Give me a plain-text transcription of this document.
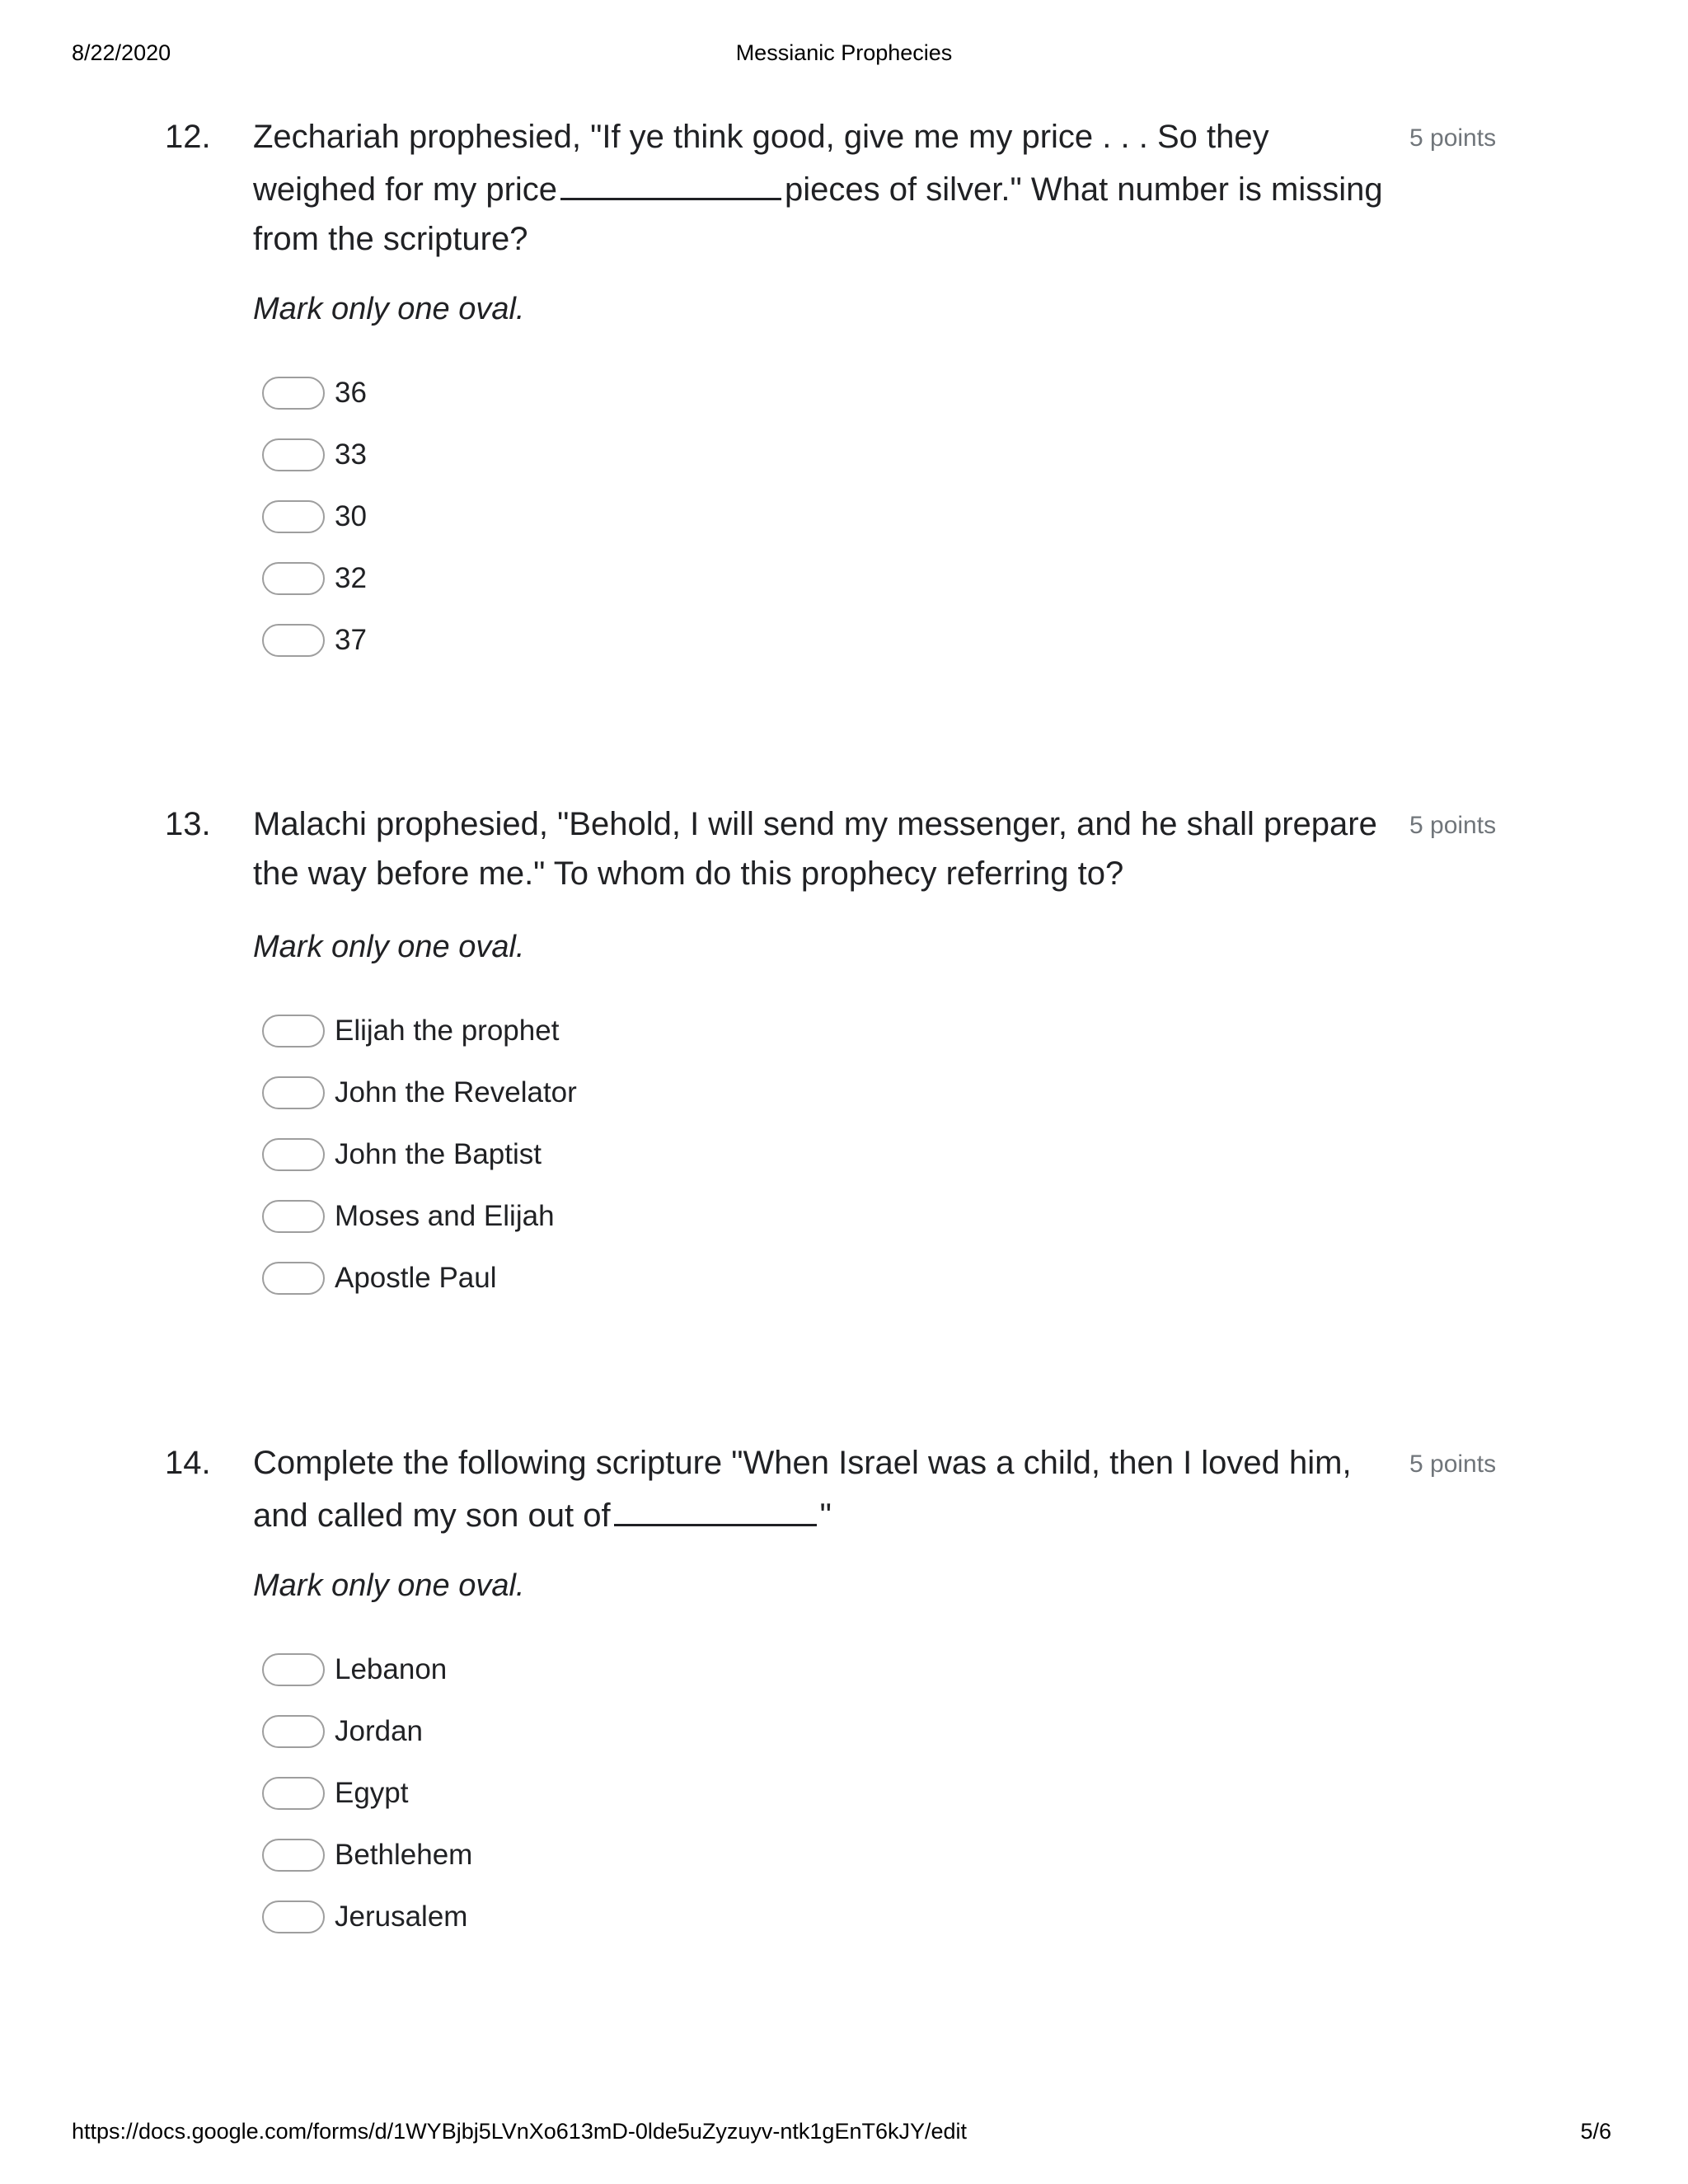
8/22/2020	Messianic Prophecies
12. Zechariah prophesied, "If ye think good, give me my price . . . So they weighed for my price	pieces of silver." What number is missing from the scripture?
5 points
Mark only one oval.
36
33
30
32
37
13. Malachi prophesied, "Behold, I will send my messenger, and he shall prepare the way before me." To whom do this prophecy referring to?
5 points
Mark only one oval.
Elijah the prophet
John the Revelator
John the Baptist
Moses and Elijah
Apostle Paul
14. Complete the following scripture "When Israel was a child, then I loved him, and called my son out of	"
5 points
Mark only one oval.
Lebanon
Jordan
Egypt
Bethlehem
Jerusalem
https://docs.google.com/forms/d/1WYBjbj5LVnXo613mD-0lde5uZyzuyv-ntk1gEnT6kJY/edit	5/6
